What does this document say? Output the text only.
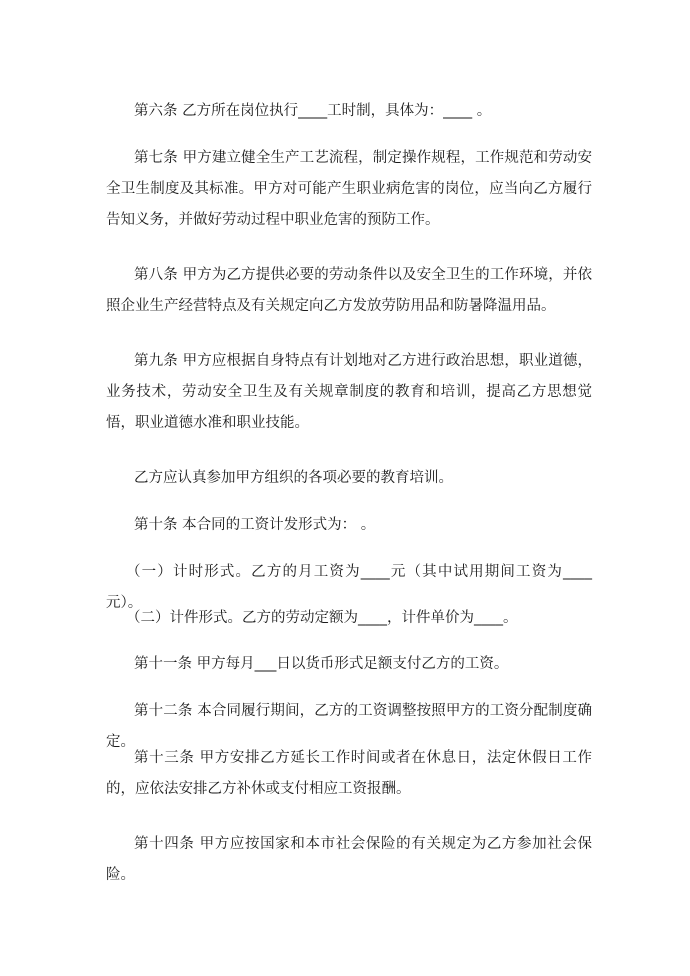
第六条 乙方所在岗位执行____工时制，具体为：____ 。

第七条 甲方建立健全生产工艺流程，制定操作规程，工作规范和劳动安全卫生制度及其标准。甲方对可能产生职业病危害的岗位，应当向乙方履行告知义务，并做好劳动过程中职业危害的预防工作。

第八条 甲方为乙方提供必要的劳动条件以及安全卫生的工作环境，并依照企业生产经营特点及有关规定向乙方发放劳防用品和防暑降温用品。

第九条 甲方应根据自身特点有计划地对乙方进行政治思想，职业道德，业务技术，劳动安全卫生及有关规章制度的教育和培训，提高乙方思想觉悟，职业道德水准和职业技能。

乙方应认真参加甲方组织的各项必要的教育培训。

第十条 本合同的工资计发形式为： 。

（一）计时形式。乙方的月工资为____元（其中试用期间工资为____元）。

（二）计件形式。乙方的劳动定额为____，计件单价为____。

第十一条 甲方每月___日以货币形式足额支付乙方的工资。

第十二条 本合同履行期间，乙方的工资调整按照甲方的工资分配制度确定。

第十三条 甲方安排乙方延长工作时间或者在休息日，法定休假日工作的，应依法安排乙方补休或支付相应工资报酬。

第十四条 甲方应按国家和本市社会保险的有关规定为乙方参加社会保险。
